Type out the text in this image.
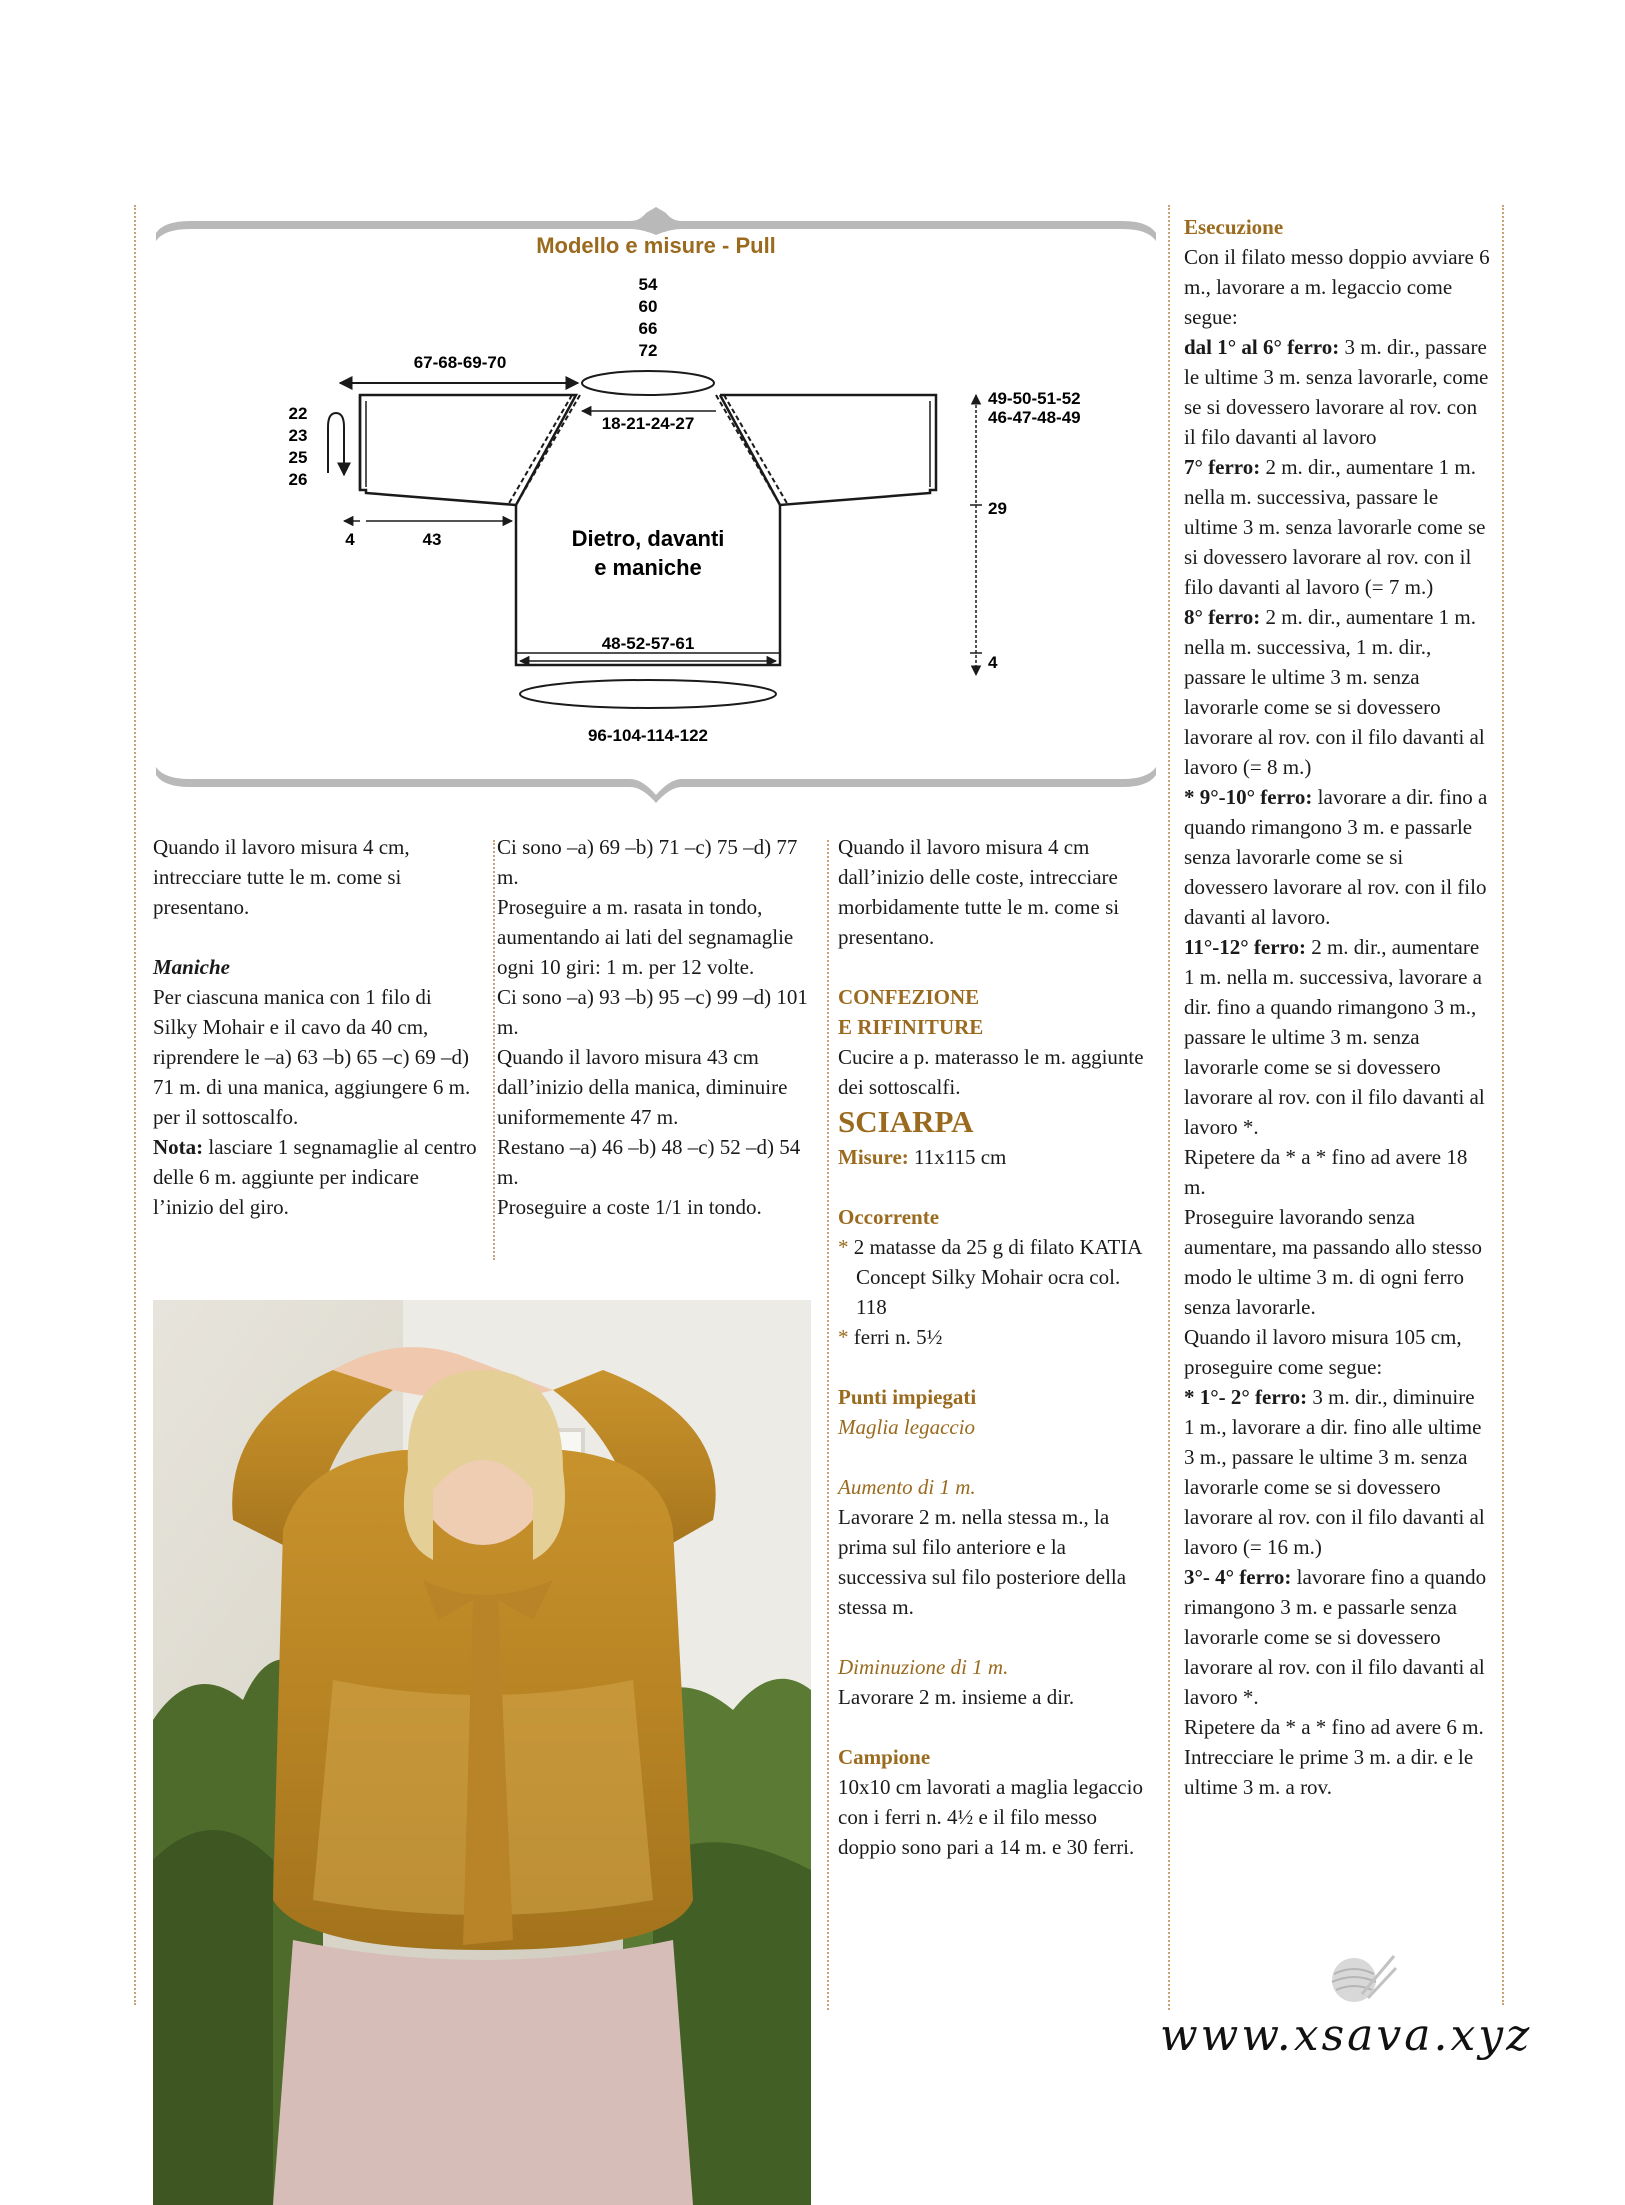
Modello e misure - Pull
54
60
66
72
67-68-69-70
18-21-24-27
22
23
25
26
4	43	Dietro, davanti
e maniche
48-52-57-61
96-104-114-122
49-50-51-52
46-47-48-49
29
4

Quando il lavoro misura 4 cm, intrecciare tutte le m. come si presentano.

Maniche

Per ciascuna manica con 1 filo di Silky Mohair e il cavo da 40 cm, riprendere le –a) 63 –b) 65 –c) 69 –d) 71 m. di una manica, aggiungere 6 m. per il sottoscalfo.

Nota: lasciare 1 segnamaglie al centro delle 6 m. aggiunte per indicare l’inizio del giro.

Ci sono –a) 69 –b) 71 –c) 75 –d) 77 m.

Proseguire a m. rasata in tondo, aumentando ai lati del segnamaglie ogni 10 giri: 1 m. per 12 volte.

Ci sono –a) 93 –b) 95 –c) 99 –d) 101 m.

Quando il lavoro misura 43 cm dall’inizio della manica, diminuire uniformemente 47 m.

Restano –a) 46 –b) 48 –c) 52 –d) 54 m.

Proseguire a coste 1/1 in tondo.

Quando il lavoro misura 4 cm dall’inizio delle coste, intrecciare morbidamente tutte le m. come si presentano.

CONFEZIONE

E RIFINITURE

Cucire a p. materasso le m. aggiunte dei sottoscalfi.

SCIARPA

Misure: 11x115 cm

Occorrente

* 2 matasse da 25 g di filato KATIA Concept Silky Mohair ocra col. 118

* ferri n. 5½

Punti impiegati

Maglia legaccio

Aumento di 1 m.

Lavorare 2 m. nella stessa m., la prima sul filo anteriore e la successiva sul filo posteriore della stessa m.

Diminuzione di 1 m.

Lavorare 2 m. insieme a dir.

Campione

10x10 cm lavorati a maglia legaccio con i ferri n. 4½ e il filo messo doppio sono pari a 14 m. e 30 ferri.

Esecuzione

Con il filato messo doppio avviare 6 m., lavorare a m. legaccio come segue:

dal 1° al 6° ferro: 3 m. dir., passare le ultime 3 m. senza lavorarle, come se si dovessero lavorare al rov. con il filo davanti al lavoro

7° ferro: 2 m. dir., aumentare 1 m. nella m. successiva, passare le ultime 3 m. senza lavorarle come se si dovessero lavorare al rov. con il filo davanti al lavoro (= 7 m.)

8° ferro: 2 m. dir., aumentare 1 m. nella m. successiva, 1 m. dir., passare le ultime 3 m. senza lavorarle come se si dovessero lavorare al rov. con il filo davanti al lavoro (= 8 m.)

* 9°-10° ferro: lavorare a dir. fino a quando rimangono 3 m. e passarle senza lavorarle come se si dovessero lavorare al rov. con il filo davanti al lavoro.

11°-12° ferro: 2 m. dir., aumentare 1 m. nella m. successiva, lavorare a dir. fino a quando rimangono 3 m., passare le ultime 3 m. senza lavorarle come se si dovessero lavorare al rov. con il filo davanti al lavoro *.

Ripetere da * a * fino ad avere 18 m.

Proseguire lavorando senza aumentare, ma passando allo stesso modo le ultime 3 m. di ogni ferro senza lavorarle.

Quando il lavoro misura 105 cm, proseguire come segue:

* 1°- 2° ferro: 3 m. dir., diminuire 1 m., lavorare a dir. fino alle ultime 3 m., passare le ultime 3 m. senza lavorarle come se si dovessero lavorare al rov. con il filo davanti al lavoro (= 16 m.)

3°- 4° ferro: lavorare fino a quando rimangono 3 m. e passarle senza lavorarle come se si dovessero lavorare al rov. con il filo davanti al lavoro *.

Ripetere da * a * fino ad avere 6 m.

Intrecciare le prime 3 m. a dir. e le ultime 3 m. a rov.

www.xsava.xyz
